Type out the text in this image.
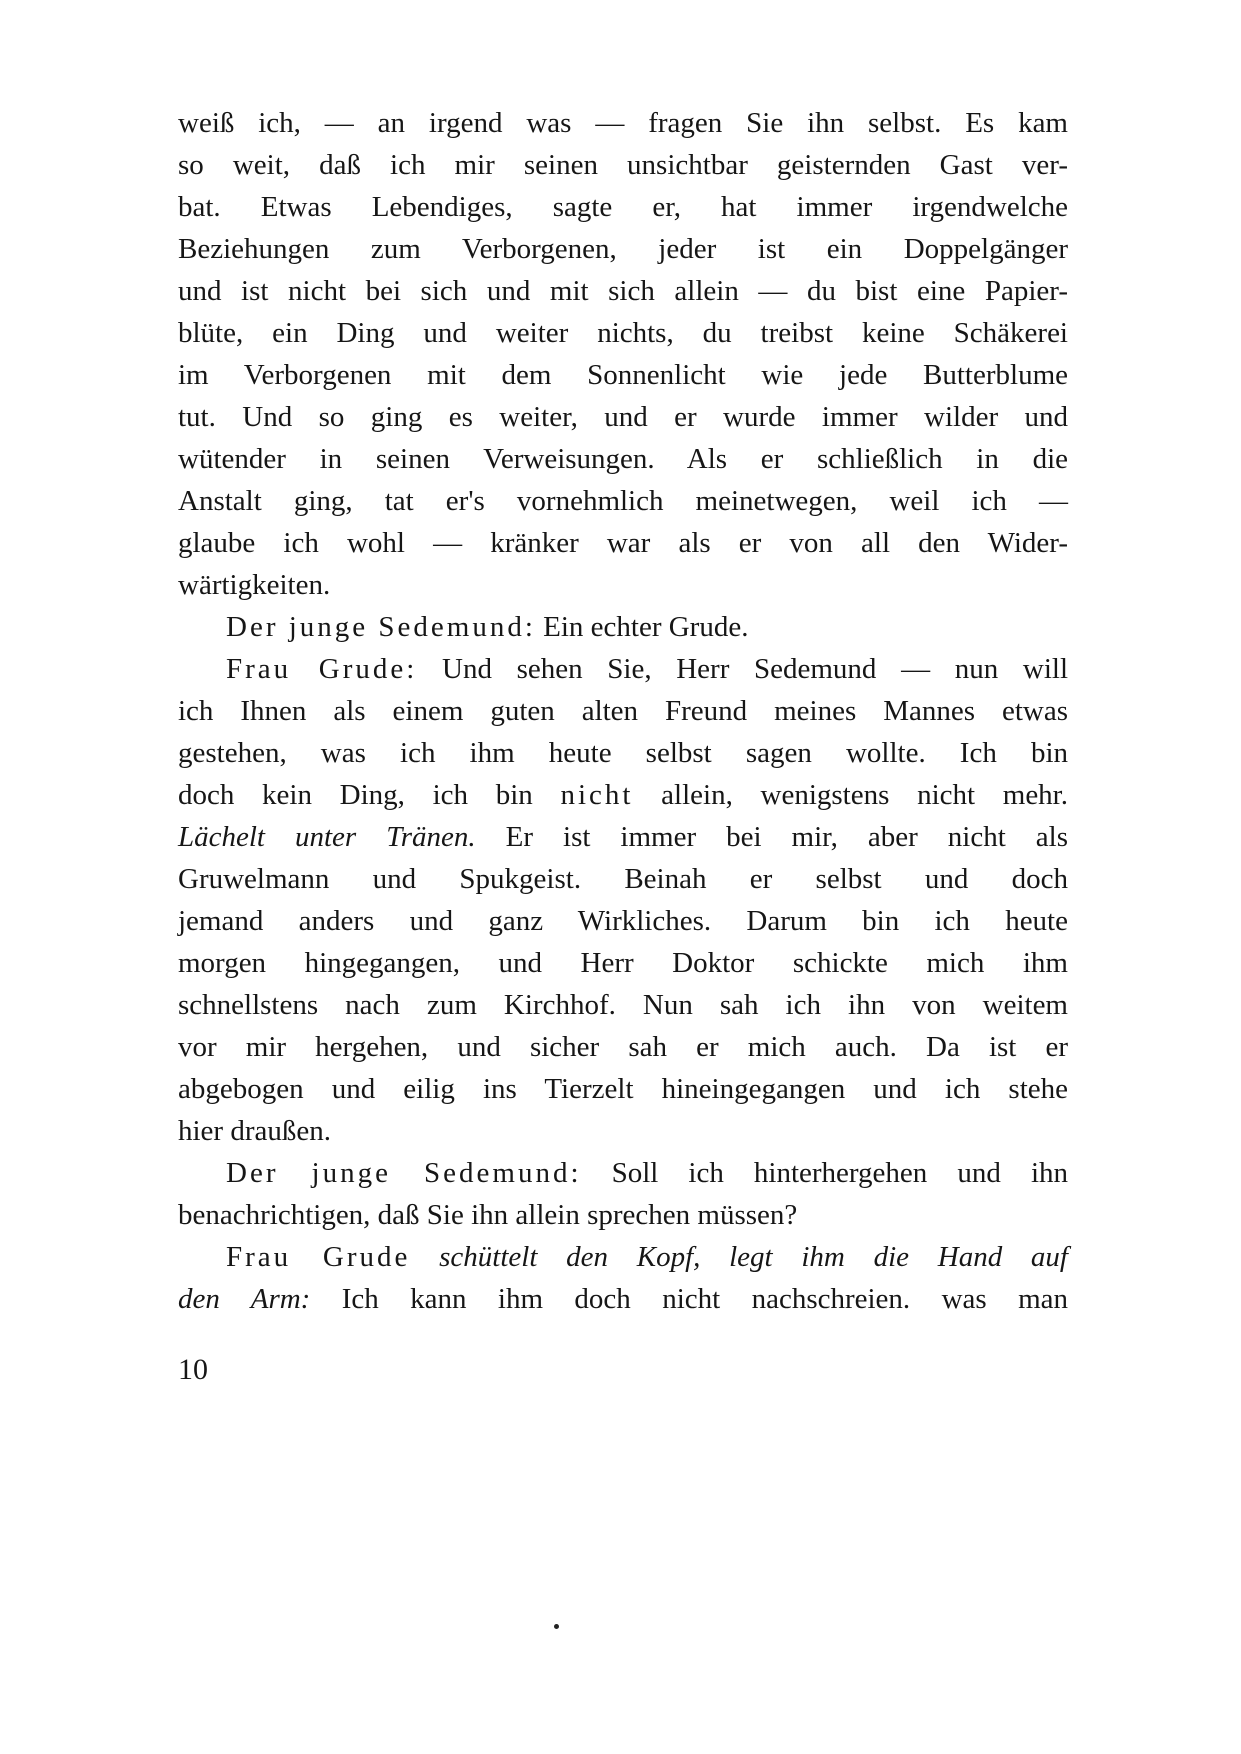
weiß ich, — an irgend was — fragen Sie ihn selbst. Es kam
so weit, daß ich mir seinen unsichtbar geisternden Gast ver-
bat. Etwas Lebendiges, sagte er, hat immer irgendwelche
Beziehungen zum Verborgenen, jeder ist ein Doppelgänger
und ist nicht bei sich und mit sich allein — du bist eine Papier-
blüte, ein Ding und weiter nichts, du treibst keine Schäkerei
im Verborgenen mit dem Sonnenlicht wie jede Butterblume
tut. Und so ging es weiter, und er wurde immer wilder und
wütender in seinen Verweisungen. Als er schließlich in die
Anstalt ging, tat er's vornehmlich meinetwegen, weil ich —
glaube ich wohl — kränker war als er von all den Wider-
wärtigkeiten.
Der junge Sedemund: Ein echter Grude.
Frau Grude: Und sehen Sie, Herr Sedemund — nun will
ich Ihnen als einem guten alten Freund meines Mannes etwas
gestehen, was ich ihm heute selbst sagen wollte. Ich bin
doch kein Ding, ich bin nicht allein, wenigstens nicht mehr.
Lächelt unter Tränen. Er ist immer bei mir, aber nicht als
Gruwelmann und Spukgeist. Beinah er selbst und doch
jemand anders und ganz Wirkliches. Darum bin ich heute
morgen hingegangen, und Herr Doktor schickte mich ihm
schnellstens nach zum Kirchhof. Nun sah ich ihn von weitem
vor mir hergehen, und sicher sah er mich auch. Da ist er
abgebogen und eilig ins Tierzelt hineingegangen und ich stehe
hier draußen.
Der junge Sedemund: Soll ich hinterhergehen und ihn
benachrichtigen, daß Sie ihn allein sprechen müssen?
Frau Grude schüttelt den Kopf, legt ihm die Hand auf
den Arm: Ich kann ihm doch nicht nachschreien. was man
10
